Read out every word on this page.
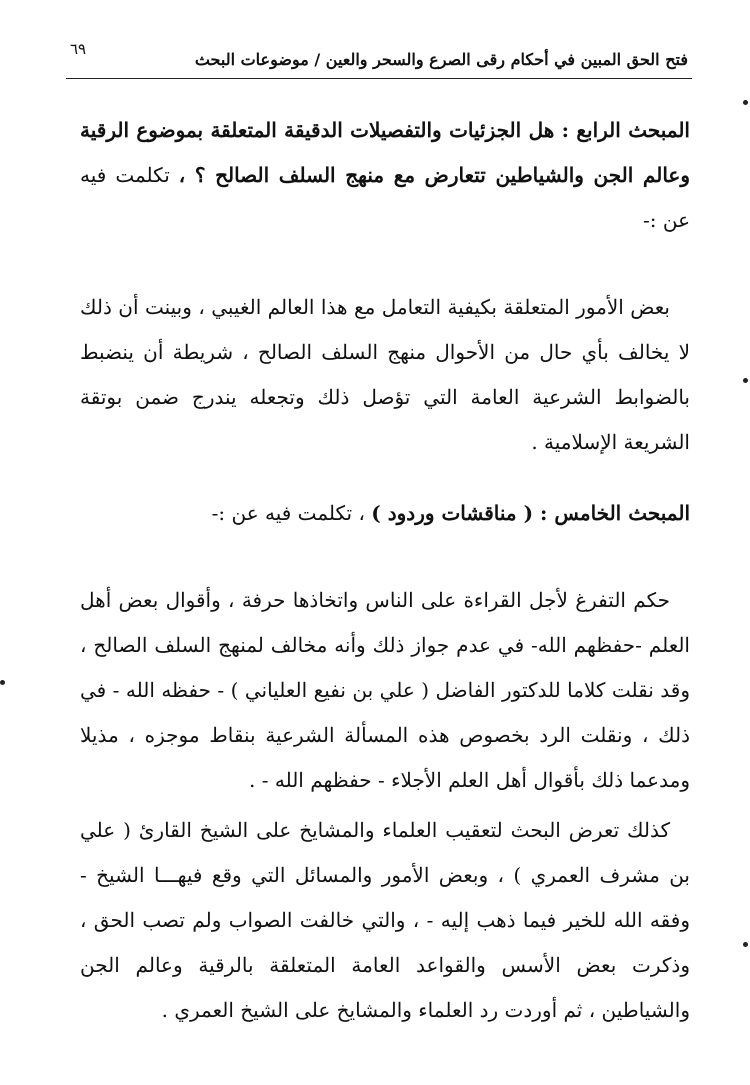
٦٩
فتح الحق المبين في أحكام رقى الصرع والسحر والعين / موضوعات البحث
المبحث الرابع : هل الجزئيات والتفصيلات الدقيقة المتعلقة بموضوع الرقية وعالم الجن والشياطين تتعارض مع منهج السلف الصالح ؟ ، تكلمت فيه عن :-
بعض الأمور المتعلقة بكيفية التعامل مع هذا العالم الغيبي ، وبينت أن ذلك لا يخالف بأي حال من الأحوال منهج السلف الصالح ، شريطة أن ينضبط بالضوابط الشرعية العامة التي تؤصل ذلك وتجعله يندرج ضمن بوتقة الشريعة الإسلامية .
المبحث الخامس : ( مناقشات وردود ) ، تكلمت فيه عن :-
حكم التفرغ لأجل القراءة على الناس واتخاذها حرفة ، وأقوال بعض أهل العلم -حفظهم الله- في عدم جواز ذلك وأنه مخالف لمنهج السلف الصالح ، وقد نقلت كلاما للدكتور الفاضل ( علي بن نفيع العلياني ) - حفظه الله - في ذلك ، ونقلت الرد بخصوص هذه المسألة الشرعية بنقاط موجزه ، مذيلا ومدعما ذلك بأقوال أهل العلم الأجلاء - حفظهم الله - .
كذلك تعرض البحث لتعقيب العلماء والمشايخ على الشيخ القارئ ( علي بن مشرف العمري ) ، وبعض الأمور والمسائل التي وقع فيهـــا الشيخ - وفقه الله للخير فيما ذهب إليه - ، والتي خالفت الصواب ولم تصب الحق ، وذكرت بعض الأسس والقواعد العامة المتعلقة بالرقية وعالم الجن والشياطين ، ثم أوردت رد العلماء والمشايخ على الشيخ العمري .
